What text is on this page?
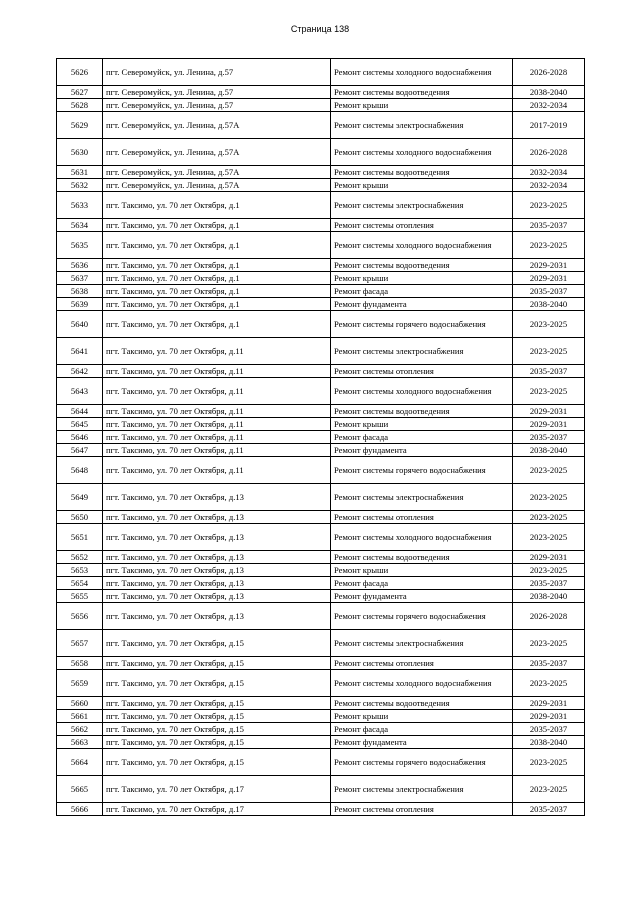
Страница 138
5626	пгт. Северомуйск, ул. Ленина, д.57	Ремонт системы холодного водоснабжения	2026-2028
5627	пгт. Северомуйск, ул. Ленина, д.57	Ремонт системы водоотведения	2038-2040
5628	пгт. Северомуйск, ул. Ленина, д.57	Ремонт крыши	2032-2034
5629	пгт. Северомуйск, ул. Ленина, д.57А	Ремонт системы электроснабжения	2017-2019
5630	пгт. Северомуйск, ул. Ленина, д.57А	Ремонт системы холодного водоснабжения	2026-2028
5631	пгт. Северомуйск, ул. Ленина, д.57А	Ремонт системы водоотведения	2032-2034
5632	пгт. Северомуйск, ул. Ленина, д.57А	Ремонт крыши	2032-2034
5633	пгт. Таксимо, ул. 70 лет Октября, д.1	Ремонт системы электроснабжения	2023-2025
5634	пгт. Таксимо, ул. 70 лет Октября, д.1	Ремонт системы отопления	2035-2037
5635	пгт. Таксимо, ул. 70 лет Октября, д.1	Ремонт системы холодного водоснабжения	2023-2025
5636	пгт. Таксимо, ул. 70 лет Октября, д.1	Ремонт системы водоотведения	2029-2031
5637	пгт. Таксимо, ул. 70 лет Октября, д.1	Ремонт крыши	2029-2031
5638	пгт. Таксимо, ул. 70 лет Октября, д.1	Ремонт фасада	2035-2037
5639	пгт. Таксимо, ул. 70 лет Октября, д.1	Ремонт фундамента	2038-2040
5640	пгт. Таксимо, ул. 70 лет Октября, д.1	Ремонт системы горячего водоснабжения	2023-2025
5641	пгт. Таксимо, ул. 70 лет Октября, д.11	Ремонт системы электроснабжения	2023-2025
5642	пгт. Таксимо, ул. 70 лет Октября, д.11	Ремонт системы отопления	2035-2037
5643	пгт. Таксимо, ул. 70 лет Октября, д.11	Ремонт системы холодного водоснабжения	2023-2025
5644	пгт. Таксимо, ул. 70 лет Октября, д.11	Ремонт системы водоотведения	2029-2031
5645	пгт. Таксимо, ул. 70 лет Октября, д.11	Ремонт крыши	2029-2031
5646	пгт. Таксимо, ул. 70 лет Октября, д.11	Ремонт фасада	2035-2037
5647	пгт. Таксимо, ул. 70 лет Октября, д.11	Ремонт фундамента	2038-2040
5648	пгт. Таксимо, ул. 70 лет Октября, д.11	Ремонт системы горячего водоснабжения	2023-2025
5649	пгт. Таксимо, ул. 70 лет Октября, д.13	Ремонт системы электроснабжения	2023-2025
5650	пгт. Таксимо, ул. 70 лет Октября, д.13	Ремонт системы отопления	2023-2025
5651	пгт. Таксимо, ул. 70 лет Октября, д.13	Ремонт системы холодного водоснабжения	2023-2025
5652	пгт. Таксимо, ул. 70 лет Октября, д.13	Ремонт системы водоотведения	2029-2031
5653	пгт. Таксимо, ул. 70 лет Октября, д.13	Ремонт крыши	2023-2025
5654	пгт. Таксимо, ул. 70 лет Октября, д.13	Ремонт фасада	2035-2037
5655	пгт. Таксимо, ул. 70 лет Октября, д.13	Ремонт фундамента	2038-2040
5656	пгт. Таксимо, ул. 70 лет Октября, д.13	Ремонт системы горячего водоснабжения	2026-2028
5657	пгт. Таксимо, ул. 70 лет Октября, д.15	Ремонт системы электроснабжения	2023-2025
5658	пгт. Таксимо, ул. 70 лет Октября, д.15	Ремонт системы отопления	2035-2037
5659	пгт. Таксимо, ул. 70 лет Октября, д.15	Ремонт системы холодного водоснабжения	2023-2025
5660	пгт. Таксимо, ул. 70 лет Октября, д.15	Ремонт системы водоотведения	2029-2031
5661	пгт. Таксимо, ул. 70 лет Октября, д.15	Ремонт крыши	2029-2031
5662	пгт. Таксимо, ул. 70 лет Октября, д.15	Ремонт фасада	2035-2037
5663	пгт. Таксимо, ул. 70 лет Октября, д.15	Ремонт фундамента	2038-2040
5664	пгт. Таксимо, ул. 70 лет Октября, д.15	Ремонт системы горячего водоснабжения	2023-2025
5665	пгт. Таксимо, ул. 70 лет Октября, д.17	Ремонт системы электроснабжения	2023-2025
5666	пгт. Таксимо, ул. 70 лет Октября, д.17	Ремонт системы отопления	2035-2037
